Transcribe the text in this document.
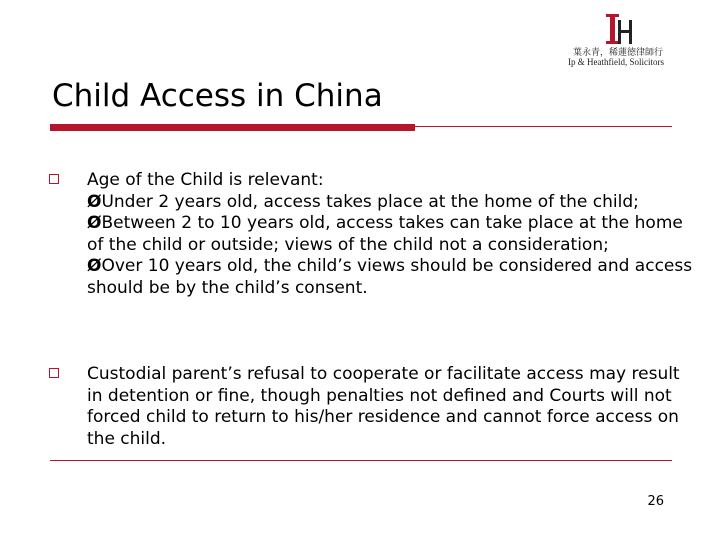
葉永青，稀蓮徳律師行
Ip & Heathfield, Solicitors
Child Access in China

Age of the Child is relevant:

ØUnder 2 years old, access takes place at the home of the child;

ØBetween 2 to 10 years old, access takes can take place at the home of the child or outside; views of the child not a consideration;

ØOver 10 years old, the child’s views should be considered and access should be by the child’s consent.

Custodial parent’s refusal to cooperate or facilitate access may result in detention or fine, though penalties not defined and Courts will not forced child to return to his/her residence and cannot force access on the child.

26
